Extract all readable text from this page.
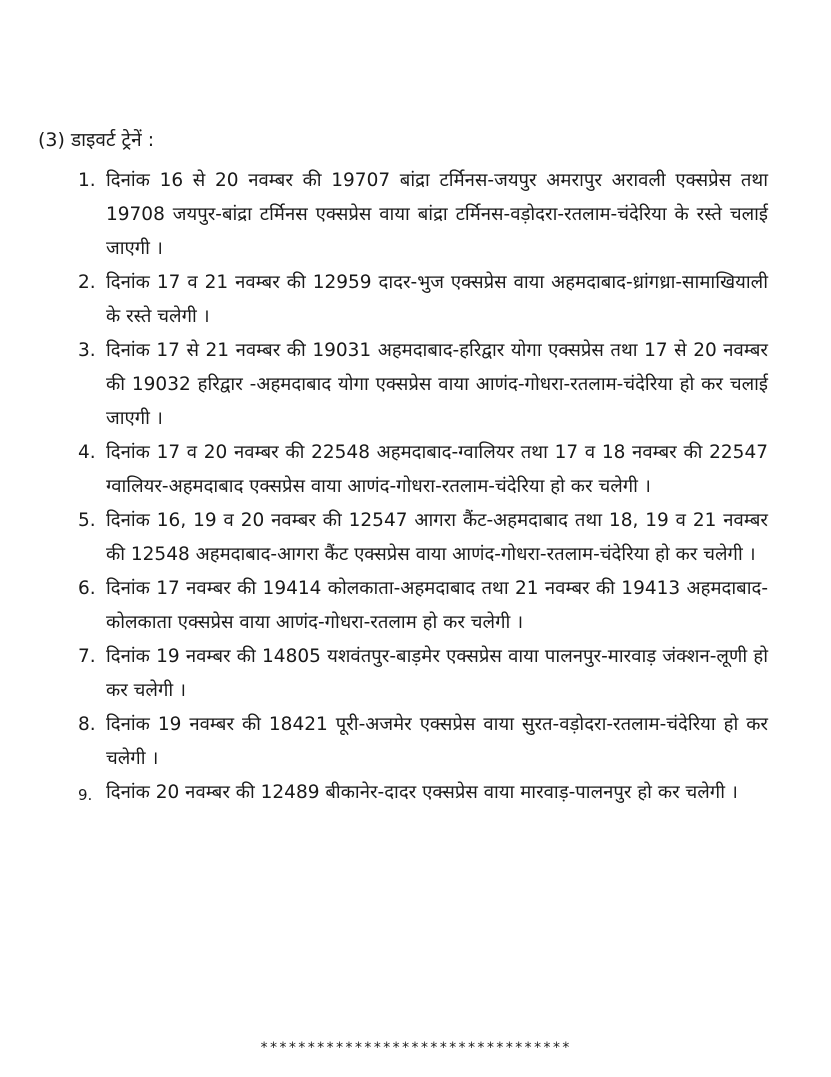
(3) डाइवर्ट ट्रेनें :
1. दिनांक 16 से 20 नवम्बर की 19707 बांद्रा टर्मिनस-जयपुर अमरापुर अरावली एक्सप्रेस तथा 19708 जयपुर-बांद्रा टर्मिनस एक्सप्रेस वाया बांद्रा टर्मिनस-वड़ोदरा-रतलाम-चंदेरिया के रस्ते चलाई जाएगी ।
2. दिनांक 17 व 21 नवम्बर की 12959 दादर-भुज एक्सप्रेस वाया अहमदाबाद-ध्रांगध्रा-सामाखियाली के रस्ते चलेगी ।
3. दिनांक 17 से 21 नवम्बर की 19031 अहमदाबाद-हरिद्वार योगा एक्सप्रेस तथा 17 से 20 नवम्बर की 19032 हरिद्वार -अहमदाबाद योगा एक्सप्रेस वाया आणंद-गोधरा-रतलाम-चंदेरिया हो कर चलाई जाएगी ।
4. दिनांक 17 व 20 नवम्बर की 22548 अहमदाबाद-ग्वालियर तथा 17 व 18 नवम्बर की 22547 ग्वालियर-अहमदाबाद एक्सप्रेस वाया आणंद-गोधरा-रतलाम-चंदेरिया हो कर चलेगी ।
5. दिनांक 16, 19 व 20 नवम्बर की 12547 आगरा कैंट-अहमदाबाद तथा 18, 19 व 21 नवम्बर की 12548 अहमदाबाद-आगरा कैंट एक्सप्रेस वाया आणंद-गोधरा-रतलाम-चंदेरिया हो कर चलेगी ।
6. दिनांक 17 नवम्बर की 19414 कोलकाता-अहमदाबाद तथा 21 नवम्बर की 19413 अहमदाबाद-कोलकाता एक्सप्रेस वाया आणंद-गोधरा-रतलाम हो कर चलेगी ।
7. दिनांक 19 नवम्बर की 14805 यशवंतपुर-बाड़मेर एक्सप्रेस वाया पालनपुर-मारवाड़ जंक्शन-लूणी हो कर चलेगी ।
8. दिनांक 19 नवम्बर की 18421 पूरी-अजमेर एक्सप्रेस वाया सुरत-वड़ोदरा-रतलाम-चंदेरिया हो कर चलेगी ।
9. दिनांक 20 नवम्बर की 12489 बीकानेर-दादर एक्सप्रेस वाया मारवाड़-पालनपुर हो कर चलेगी ।
*********************************
